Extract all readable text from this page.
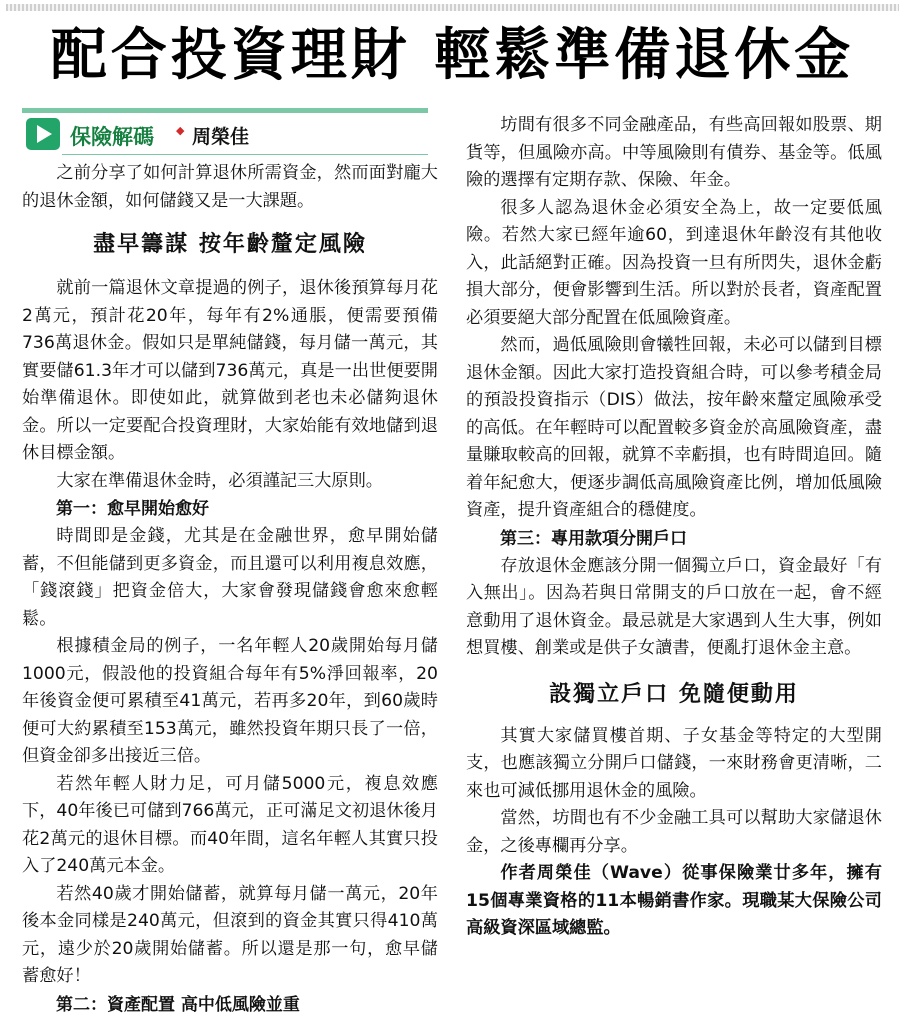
配合投資理財 輕鬆準備退休金
保險解碼 ◆ 周榮佳

之前分享了如何計算退休所需資金，然而面對龐大的退休金額，如何儲錢又是一大課題。

盡早籌謀 按年齡釐定風險

就前一篇退休文章提過的例子，退休後預算每月花2萬元，預計花20年，每年有2%通脹，便需要預備736萬退休金。假如只是單純儲錢，每月儲一萬元，其實要儲61.3年才可以儲到736萬元，真是一出世便要開始準備退休。即使如此，就算做到老也未必儲夠退休金。所以一定要配合投資理財，大家始能有效地儲到退休目標金額。

大家在準備退休金時，必須謹記三大原則。

第一：愈早開始愈好

時間即是金錢，尤其是在金融世界，愈早開始儲蓄，不但能儲到更多資金，而且還可以利用複息效應，「錢滾錢」把資金倍大，大家會發現儲錢會愈來愈輕鬆。

根據積金局的例子，一名年輕人20歲開始每月儲1000元，假設他的投資組合每年有5%淨回報率，20年後資金便可累積至41萬元，若再多20年，到60歲時便可大約累積至153萬元，雖然投資年期只長了一倍，但資金卻多出接近三倍。

若然年輕人財力足，可月儲5000元，複息效應下，40年後已可儲到766萬元，正可滿足文初退休後月花2萬元的退休目標。而40年間，這名年輕人其實只投入了240萬元本金。

若然40歲才開始儲蓄，就算每月儲一萬元，20年後本金同樣是240萬元，但滾到的資金其實只得410萬元，遠少於20歲開始儲蓄。所以還是那一句，愈早儲蓄愈好！

第二：資產配置 高中低風險並重

坊間有很多不同金融產品，有些高回報如股票、期貨等，但風險亦高。中等風險則有債券、基金等。低風險的選擇有定期存款、保險、年金。

很多人認為退休金必須安全為上，故一定要低風險。若然大家已經年逾60，到達退休年齡沒有其他收入，此話絕對正確。因為投資一旦有所閃失，退休金虧損大部分，便會影響到生活。所以對於長者，資產配置必須要絕大部分配置在低風險資產。

然而，過低風險則會犧牲回報，未必可以儲到目標退休金額。因此大家打造投資組合時，可以參考積金局的預設投資指示（DIS）做法，按年齡來釐定風險承受的高低。在年輕時可以配置較多資金於高風險資產，盡量賺取較高的回報，就算不幸虧損，也有時間追回。隨着年紀愈大，便逐步調低高風險資產比例，增加低風險資產，提升資產組合的穩健度。

第三：專用款項分開戶口

存放退休金應該分開一個獨立戶口，資金最好「有入無出」。因為若與日常開支的戶口放在一起，會不經意動用了退休資金。最忌就是大家遇到人生大事，例如想買樓、創業或是供子女讀書，便亂打退休金主意。

設獨立戶口 免隨便動用

其實大家儲買樓首期、子女基金等特定的大型開支，也應該獨立分開戶口儲錢，一來財務會更清晰，二來也可減低挪用退休金的風險。

當然，坊間也有不少金融工具可以幫助大家儲退休金，之後專欄再分享。

作者周榮佳（Wave）從事保險業廿多年，擁有15個專業資格的11本暢銷書作家。現職某大保險公司高級資深區域總監。
